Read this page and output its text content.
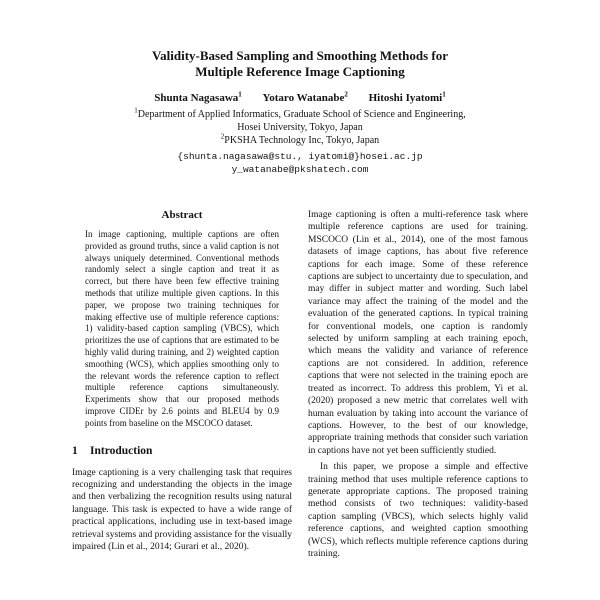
Validity-Based Sampling and Smoothing Methods for
Multiple Reference Image Captioning
Shunta Nagasawa$^1$ Yotaro Watanabe$^2$ Hitoshi Iyatomi$^1$
$^1$Department of Applied Informatics, Graduate School of Science and Engineering,
Hosei University, Tokyo, Japan
$^2$PKSHA Technology Inc, Tokyo, Japan
{shunta.nagasawa@stu., iyatomi@}hosei.ac.jp
y_watanabe@pkshatech.com
Abstract

In image captioning, multiple captions are often provided as ground truths, since a valid caption is not always uniquely determined. Conventional methods randomly select a single caption and treat it as correct, but there have been few effective training methods that utilize multiple given captions. In this paper, we propose two training techniques for making effective use of multiple reference captions: 1) validity-based caption sampling (VBCS), which prioritizes the use of captions that are estimated to be highly valid during training, and 2) weighted caption smoothing (WCS), which applies smoothing only to the relevant words the reference caption to reflect multiple reference captions simultaneously. Experiments show that our proposed methods improve CIDEr by 2.6 points and BLEU4 by 0.9 points from baseline on the MSCOCO dataset.

1 Introduction

Image captioning is a very challenging task that requires recognizing and understanding the objects in the image and then verbalizing the recognition results using natural language. This task is expected to have a wide range of practical applications, including use in text-based image retrieval systems and providing assistance for the visually impaired (Lin et al., 2014; Gurari et al., 2020).

Image captioning is often a multi-reference task where multiple reference captions are used for training. MSCOCO (Lin et al., 2014), one of the most famous datasets of image captions, has about five reference captions for each image. Some of these reference captions are subject to uncertainty due to speculation, and may differ in subject matter and wording. Such label variance may affect the training of the model and the evaluation of the generated captions. In typical training for conventional models, one caption is randomly selected by uniform sampling at each training epoch, which means the validity and variance of reference captions are not considered. In addition, reference captions that were not selected in the training epoch are treated as incorrect. To address this problem, Yi et al. (2020) proposed a new metric that correlates well with human evaluation by taking into account the variance of captions. However, to the best of our knowledge, appropriate training methods that consider such variation in captions have not yet been sufficiently studied.

In this paper, we propose a simple and effective training method that uses multiple reference captions to generate appropriate captions. The proposed training method consists of two techniques: validity-based caption sampling (VBCS), which selects highly valid reference captions, and weighted caption smoothing (WCS), which reflects multiple reference captions during training.
